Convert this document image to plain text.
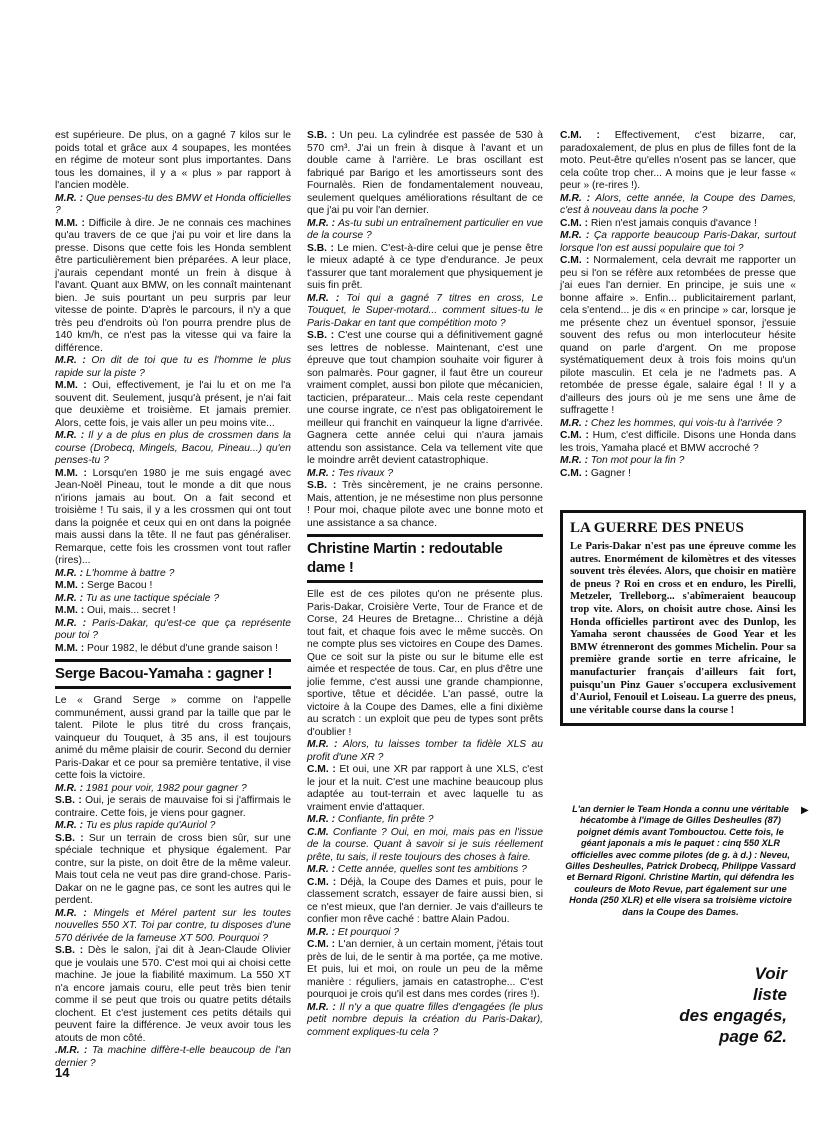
est supérieure. De plus, on a gagné 7 kilos sur le poids total et grâce aux 4 soupapes, les montées en régime de moteur sont plus importantes. Dans tous les domaines, il y a « plus » par rapport à l'ancien modèle.

M.R. : Que penses-tu des BMW et Honda officielles ?

M.M. : Difficile à dire. Je ne connais ces machines qu'au travers de ce que j'ai pu voir et lire dans la presse. Disons que cette fois les Honda semblent être particulièrement bien préparées. A leur place, j'aurais cependant monté un frein à disque à l'avant. Quant aux BMW, on les connaît maintenant bien. Je suis pourtant un peu surpris par leur vitesse de pointe. D'après le parcours, il n'y a que très peu d'endroits où l'on pourra prendre plus de 140 km/h, ce n'est pas la vitesse qui va faire la différence.

M.R. : On dit de toi que tu es l'homme le plus rapide sur la piste ?

M.M. : Oui, effectivement, je l'ai lu et on me l'a souvent dit. Seulement, jusqu'à présent, je n'ai fait que deuxième et troisième. Et jamais premier. Alors, cette fois, je vais aller un peu moins vite...

M.R. : Il y a de plus en plus de crossmen dans la course (Drobecq, Mingels, Bacou, Pineau...) qu'en penses-tu ?

M.M. : Lorsqu'en 1980 je me suis engagé avec Jean-Noël Pineau, tout le monde a dit que nous n'irions jamais au bout. On a fait second et troisième ! Tu sais, il y a les crossmen qui ont tout dans la poignée et ceux qui en ont dans la poignée mais aussi dans la tête. Il ne faut pas généraliser. Remarque, cette fois les crossmen vont tout rafler (rires)...

M.R. : L'homme à battre ?

M.M. : Serge Bacou !

M.R. : Tu as une tactique spéciale ?

M.M. : Oui, mais... secret !

M.R. : Paris-Dakar, qu'est-ce que ça représente pour toi ?

M.M. : Pour 1982, le début d'une grande saison !

Serge Bacou-Yamaha : gagner !

Le « Grand Serge » comme on l'appelle communément, aussi grand par la taille que par le talent. Pilote le plus titré du cross français, vainqueur du Touquet, à 35 ans, il est toujours animé du même plaisir de courir. Second du dernier Paris-Dakar et ce pour sa première tentative, il vise cette fois la victoire.

M.R. : 1981 pour voir, 1982 pour gagner ?

S.B. : Oui, je serais de mauvaise foi si j'affirmais le contraire. Cette fois, je viens pour gagner.

M.R. : Tu es plus rapide qu'Auriol ?

S.B. : Sur un terrain de cross bien sûr, sur une spéciale technique et physique également. Par contre, sur la piste, on doit être de la même valeur. Mais tout cela ne veut pas dire grand-chose. Paris-Dakar on ne le gagne pas, ce sont les autres qui le perdent.

M.R. : Mingels et Mérel partent sur les toutes nouvelles 550 XT. Toi par contre, tu disposes d'une 570 dérivée de la fameuse XT 500. Pourquoi ?

S.B. : Dès le salon, j'ai dit à Jean-Claude Olivier que je voulais une 570. C'est moi qui ai choisi cette machine. Je joue la fiabilité maximum. La 550 XT n'a encore jamais couru, elle peut très bien tenir comme il se peut que trois ou quatre petits détails clochent. Et c'est justement ces petits détails qui peuvent faire la différence. Je veux avoir tous les atouts de mon côté.

.M.R. : Ta machine diffère-t-elle beaucoup de l'an dernier ?

S.B. : Un peu. La cylindrée est passée de 530 à 570 cm³. J'ai un frein à disque à l'avant et un double came à l'arrière. Le bras oscillant est fabriqué par Barigo et les amortisseurs sont des Fournalès. Rien de fondamentalement nouveau, seulement quelques améliorations résultant de ce que j'ai pu voir l'an dernier.

M.R. : As-tu subi un entraînement particulier en vue de la course ?

S.B. : Le mien. C'est-à-dire celui que je pense être le mieux adapté à ce type d'endurance. Je peux t'assurer que tant moralement que physiquement je suis fin prêt.

M.R. : Toi qui a gagné 7 titres en cross, Le Touquet, le Super-motard... comment situes-tu le Paris-Dakar en tant que compétition moto ?

S.B. : C'est une course qui a définitivement gagné ses lettres de noblesse. Maintenant, c'est une épreuve que tout champion souhaite voir figurer à son palmarès. Pour gagner, il faut être un coureur vraiment complet, aussi bon pilote que mécanicien, tacticien, préparateur... Mais cela reste cependant une course ingrate, ce n'est pas obligatoirement le meilleur qui franchit en vainqueur la ligne d'arrivée. Gagnera cette année celui qui n'aura jamais attendu son assistance. Cela va tellement vite que le moindre arrêt devient catastrophique.

M.R. : Tes rivaux ?

S.B. : Très sincèrement, je ne crains personne. Mais, attention, je ne mésestime non plus personne ! Pour moi, chaque pilote avec une bonne moto et une assistance a sa chance.

Christine Martin : redoutable dame !

Elle est de ces pilotes qu'on ne présente plus. Paris-Dakar, Croisière Verte, Tour de France et de Corse, 24 Heures de Bretagne... Christine a déjà tout fait, et chaque fois avec le même succès. On ne compte plus ses victoires en Coupe des Dames. Que ce soit sur la piste ou sur le bitume elle est aimée et respectée de tous. Car, en plus d'être une jolie femme, c'est aussi une grande championne, sportive, têtue et décidée. L'an passé, outre la victoire à la Coupe des Dames, elle a fini dixième au scratch : un exploit que peu de types sont prêts d'oublier !

M.R. : Alors, tu laisses tomber ta fidèle XLS au profit d'une XR ?

C.M. : Et oui, une XR par rapport à une XLS, c'est le jour et la nuit. C'est une machine beaucoup plus adaptée au tout-terrain et avec laquelle tu as vraiment envie d'attaquer.

M.R. : Confiante, fin prête ?

C.M. Confiante ? Oui, en moi, mais pas en l'issue de la course. Quant à savoir si je suis réellement prête, tu sais, il reste toujours des choses à faire.

M.R. : Cette année, quelles sont tes ambitions ?

C.M. : Déjà, la Coupe des Dames et puis, pour le classement scratch, essayer de faire aussi bien, si ce n'est mieux, que l'an dernier. Je vais d'ailleurs te confier mon rêve caché : battre Alain Padou.

M.R. : Et pourquoi ?

C.M. : L'an dernier, à un certain moment, j'étais tout près de lui, de le sentir à ma portée, ça me motive. Et puis, lui et moi, on roule un peu de la même manière : réguliers, jamais en catastrophe... C'est pourquoi je crois qu'il est dans mes cordes (rires !).

M.R. : Il n'y a que quatre filles d'engagées (le plus petit nombre depuis la création du Paris-Dakar), comment expliques-tu cela ?

C.M. : Effectivement, c'est bizarre, car, paradoxalement, de plus en plus de filles font de la moto. Peut-être qu'elles n'osent pas se lancer, que cela coûte trop cher... A moins que je leur fasse « peur » (re-rires !).

M.R. : Alors, cette année, la Coupe des Dames, c'est à nouveau dans la poche ?

C.M. : Rien n'est jamais conquis d'avance !

M.R. : Ça rapporte beaucoup Paris-Dakar, surtout lorsque l'on est aussi populaire que toi ?

C.M. : Normalement, cela devrait me rapporter un peu si l'on se réfère aux retombées de presse que j'ai eues l'an dernier. En principe, je suis une « bonne affaire ». Enfin... publicitairement parlant, cela s'entend... je dis « en principe » car, lorsque je me présente chez un éventuel sponsor, j'essuie souvent des refus ou mon interlocuteur hésite quand on parle d'argent. On me propose systématiquement deux à trois fois moins qu'un pilote masculin. Et cela je ne l'admets pas. A retombée de presse égale, salaire égal ! Il y a d'ailleurs des jours où je me sens une âme de suffragette !

M.R. : Chez les hommes, qui vois-tu à l'arrivée ?

C.M. : Hum, c'est difficile. Disons une Honda dans les trois, Yamaha placé et BMW accroché ?

M.R. : Ton mot pour la fin ?

C.M. : Gagner !

LA GUERRE DES PNEUS
Le Paris-Dakar n'est pas une épreuve comme les autres. Enormément de kilomètres et des vitesses souvent très élevées. Alors, que choisir en matière de pneus ? Roi en cross et en enduro, les Pirelli, Metzeler, Trelleborg... s'abîmeraient beaucoup trop vite. Alors, on choisit autre chose. Ainsi les Honda officielles partiront avec des Dunlop, les Yamaha seront chaussées de Good Year et les BMW étrenneront des gommes Michelin. Pour sa première grande sortie en terre africaine, le manufacturier français d'ailleurs fait fort, puisqu'un Pinz Gauer s'occupera exclusivement d'Auriol, Fenouil et Loiseau. La guerre des pneus, une véritable course dans la course !
L'an dernier le Team Honda a connu une véritable hécatombe à l'image de Gilles Desheulles (87) poignet démis avant Tombouctou. Cette fois, le géant japonais a mis le paquet : cinq 550 XLR officielles avec comme pilotes (de g. à d.) : Neveu, Gilles Desheulles, Patrick Drobecq, Philippe Vassard et Bernard Rigoni. Christine Martin, qui défendra les couleurs de Moto Revue, part également sur une Honda (250 XLR) et elle visera sa troisième victoire dans la Coupe des Dames.
▶
Voir
liste
des engagés,
page 62.
14
